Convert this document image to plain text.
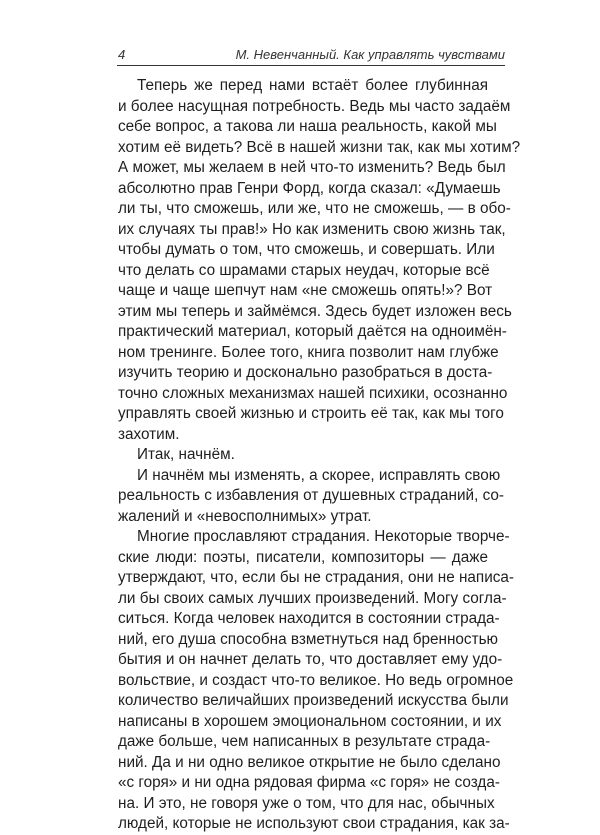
4	М. Невенчанный. Как управлять чувствами
Теперь же перед нами встаёт более глубинная
и более насущная потребность. Ведь мы часто задаём
себе вопрос, а такова ли наша реальность, какой мы
хотим её видеть? Всё в нашей жизни так, как мы хотим?
А может, мы желаем в ней что-то изменить? Ведь был
абсолютно прав Генри Форд, когда сказал: «Думаешь
ли ты, что сможешь, или же, что не сможешь, — в обо-
их случаях ты прав!» Но как изменить свою жизнь так,
чтобы думать о том, что сможешь, и совершать. Или
что делать со шрамами старых неудач, которые всё
чаще и чаще шепчут нам «не сможешь опять!»? Вот
этим мы теперь и займёмся. Здесь будет изложен весь
практический материал, который даётся на одноимён-
ном тренинге. Более того, книга позволит нам глубже
изучить теорию и досконально разобраться в доста-
точно сложных механизмах нашей психики, осознанно
управлять своей жизнью и строить её так, как мы того
захотим.
Итак, начнём.
И начнём мы изменять, а скорее, исправлять свою
реальность с избавления от душевных страданий, со-
жалений и «невосполнимых» утрат.
Многие прославляют страдания. Некоторые творче-
ские люди: поэты, писатели, композиторы — даже
утверждают, что, если бы не страдания, они не написа-
ли бы своих самых лучших произведений. Могу согла-
ситься. Когда человек находится в состоянии страда-
ний, его душа способна взметнуться над бренностью
бытия и он начнет делать то, что доставляет ему удо-
вольствие, и создаст что-то великое. Но ведь огромное
количество величайших произведений искусства были
написаны в хорошем эмоциональном состоянии, и их
даже больше, чем написанных в результате страда-
ний. Да и ни одно великое открытие не было сделано
«с горя» и ни одна рядовая фирма «с горя» не созда-
на. И это, не говоря уже о том, что для нас, обычных
людей, которые не используют свои страдания, как за-
